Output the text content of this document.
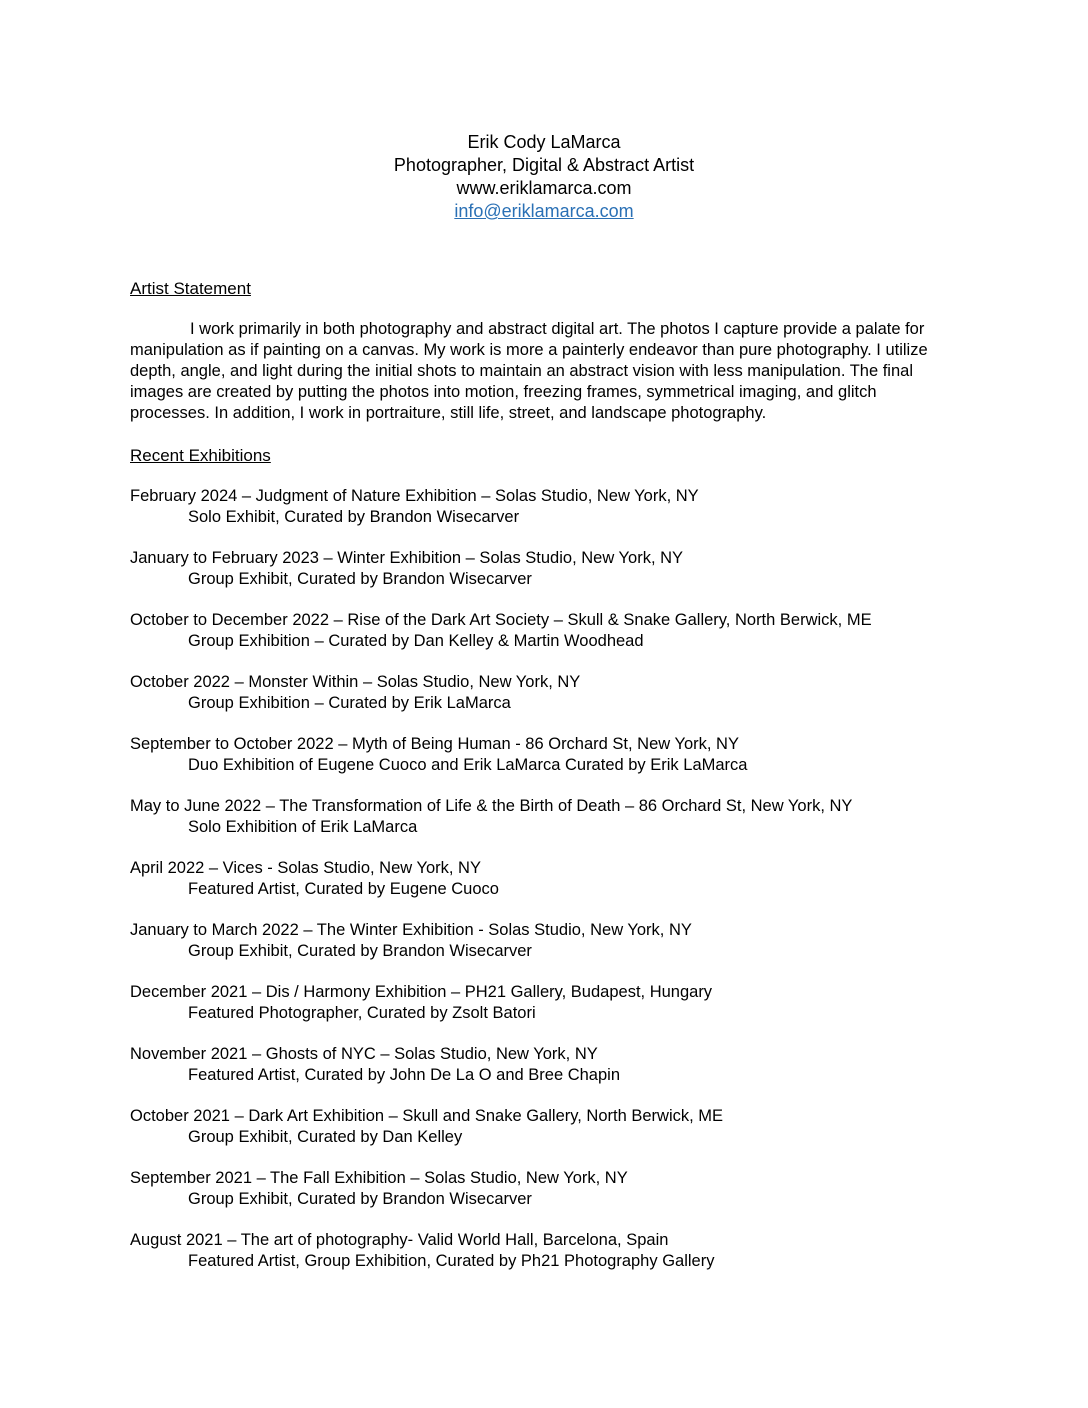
Erik Cody LaMarca
Photographer, Digital & Abstract Artist
www.eriklamarca.com
info@eriklamarca.com
Artist Statement

I work primarily in both photography and abstract digital art. The photos I capture provide a palate for manipulation as if painting on a canvas. My work is more a painterly endeavor than pure photography. I utilize depth, angle, and light during the initial shots to maintain an abstract vision with less manipulation. The final images are created by putting the photos into motion, freezing frames, symmetrical imaging, and glitch processes. In addition, I work in portraiture, still life, street, and landscape photography.

Recent Exhibitions
February 2024 – Judgment of Nature Exhibition – Solas Studio, New York, NY
Solo Exhibit, Curated by Brandon Wisecarver
January to February 2023 – Winter Exhibition – Solas Studio, New York, NY
Group Exhibit, Curated by Brandon Wisecarver
October to December 2022 – Rise of the Dark Art Society – Skull & Snake Gallery, North Berwick, ME
Group Exhibition – Curated by Dan Kelley & Martin Woodhead
October 2022 – Monster Within – Solas Studio, New York, NY
Group Exhibition – Curated by Erik LaMarca
September to October 2022 – Myth of Being Human - 86 Orchard St, New York, NY
Duo Exhibition of Eugene Cuoco and Erik LaMarca Curated by Erik LaMarca
May to June 2022 – The Transformation of Life & the Birth of Death – 86 Orchard St, New York, NY
Solo Exhibition of Erik LaMarca
April 2022 – Vices - Solas Studio, New York, NY
Featured Artist, Curated by Eugene Cuoco
January to March 2022 – The Winter Exhibition - Solas Studio, New York, NY
Group Exhibit, Curated by Brandon Wisecarver
December 2021 – Dis / Harmony Exhibition – PH21 Gallery, Budapest, Hungary
Featured Photographer, Curated by Zsolt Batori
November 2021 – Ghosts of NYC – Solas Studio, New York, NY
Featured Artist, Curated by John De La O and Bree Chapin
October 2021 – Dark Art Exhibition – Skull and Snake Gallery, North Berwick, ME
Group Exhibit, Curated by Dan Kelley
September 2021 – The Fall Exhibition – Solas Studio, New York, NY
Group Exhibit, Curated by Brandon Wisecarver
August 2021 – The art of photography- Valid World Hall, Barcelona, Spain
Featured Artist, Group Exhibition, Curated by Ph21 Photography Gallery
